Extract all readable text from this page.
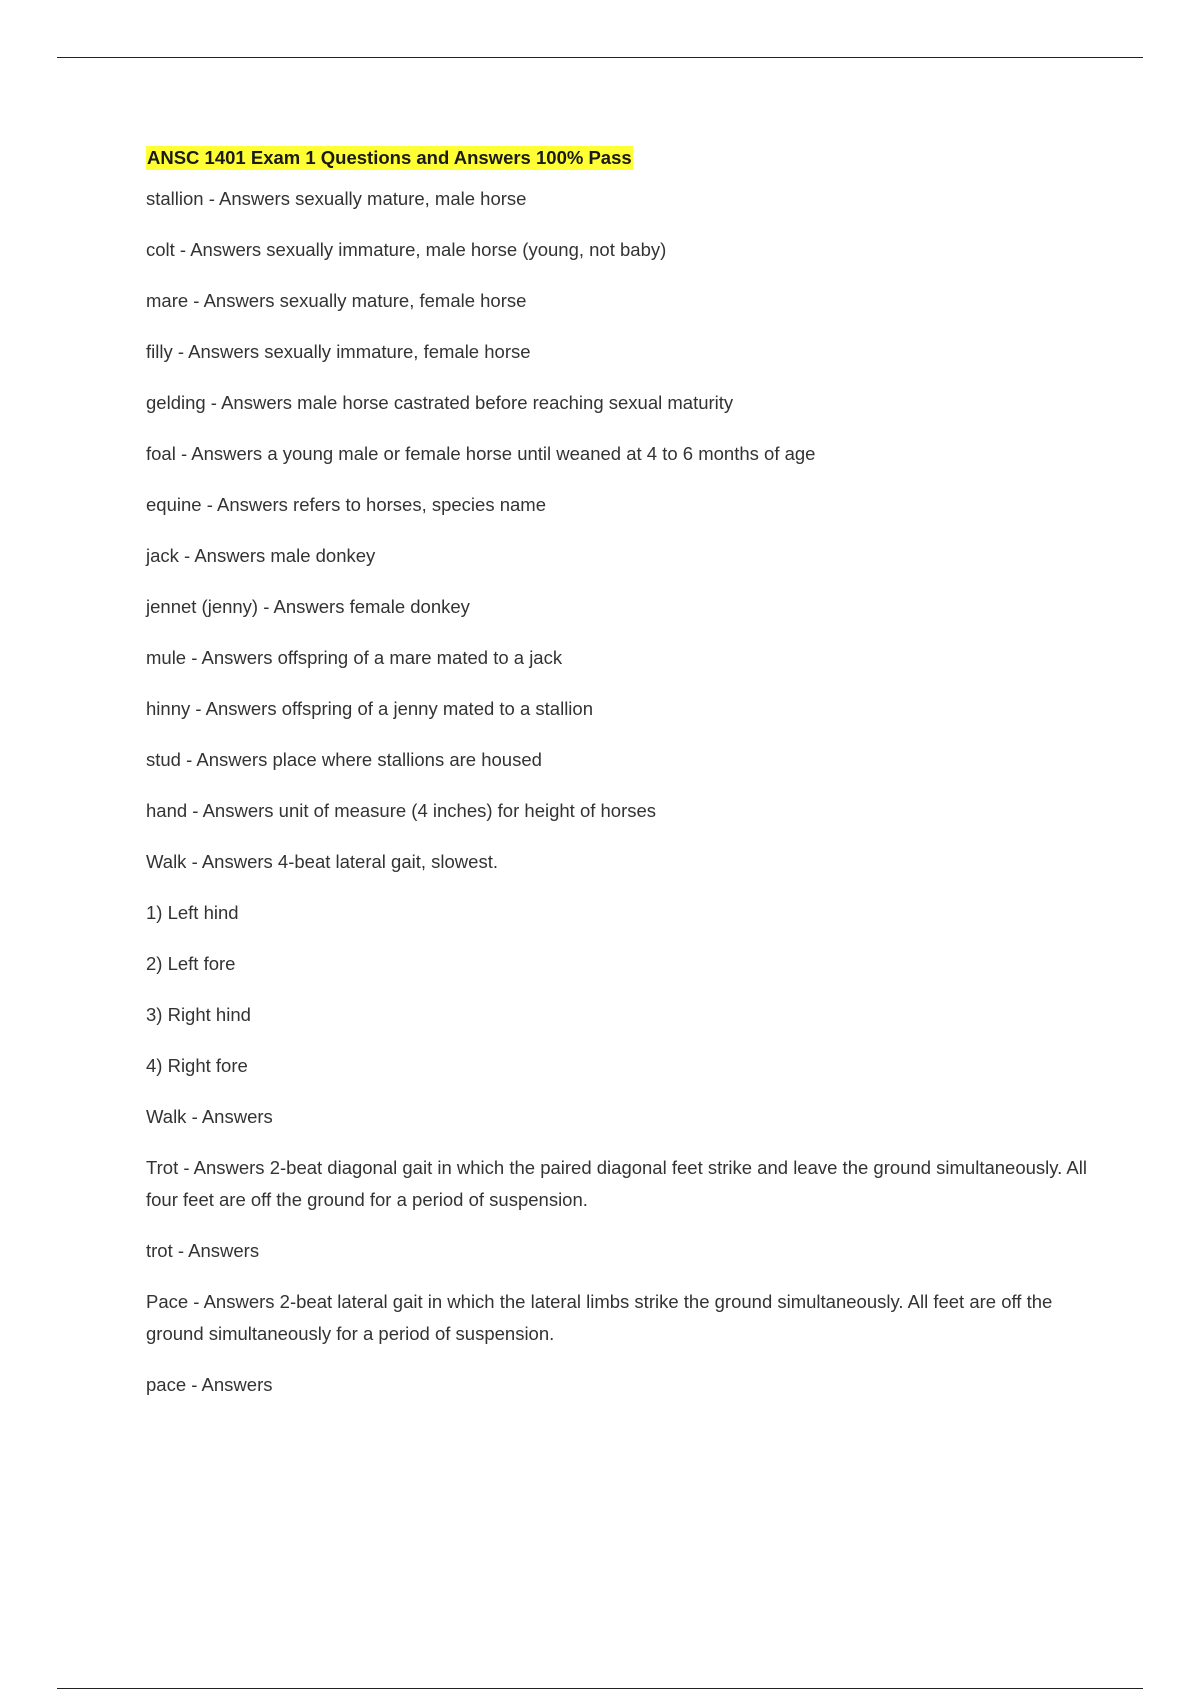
ANSC 1401 Exam 1 Questions and Answers 100% Pass
stallion - Answers sexually mature, male horse
colt - Answers sexually immature, male horse (young, not baby)
mare - Answers sexually mature, female horse
filly - Answers sexually immature, female horse
gelding - Answers male horse castrated before reaching sexual maturity
foal - Answers a young male or female horse until weaned at 4 to 6 months of age
equine - Answers refers to horses, species name
jack - Answers male donkey
jennet (jenny) - Answers female donkey
mule - Answers offspring of a mare mated to a jack
hinny - Answers offspring of a jenny mated to a stallion
stud - Answers place where stallions are housed
hand - Answers unit of measure (4 inches) for height of horses
Walk - Answers 4-beat lateral gait, slowest.
1) Left hind
2) Left fore
3) Right hind
4) Right fore
Walk - Answers
Trot - Answers 2-beat diagonal gait in which the paired diagonal feet strike and leave the ground simultaneously. All four feet are off the ground for a period of suspension.
trot - Answers
Pace - Answers 2-beat lateral gait in which the lateral limbs strike the ground simultaneously. All feet are off the ground simultaneously for a period of suspension.
pace - Answers
